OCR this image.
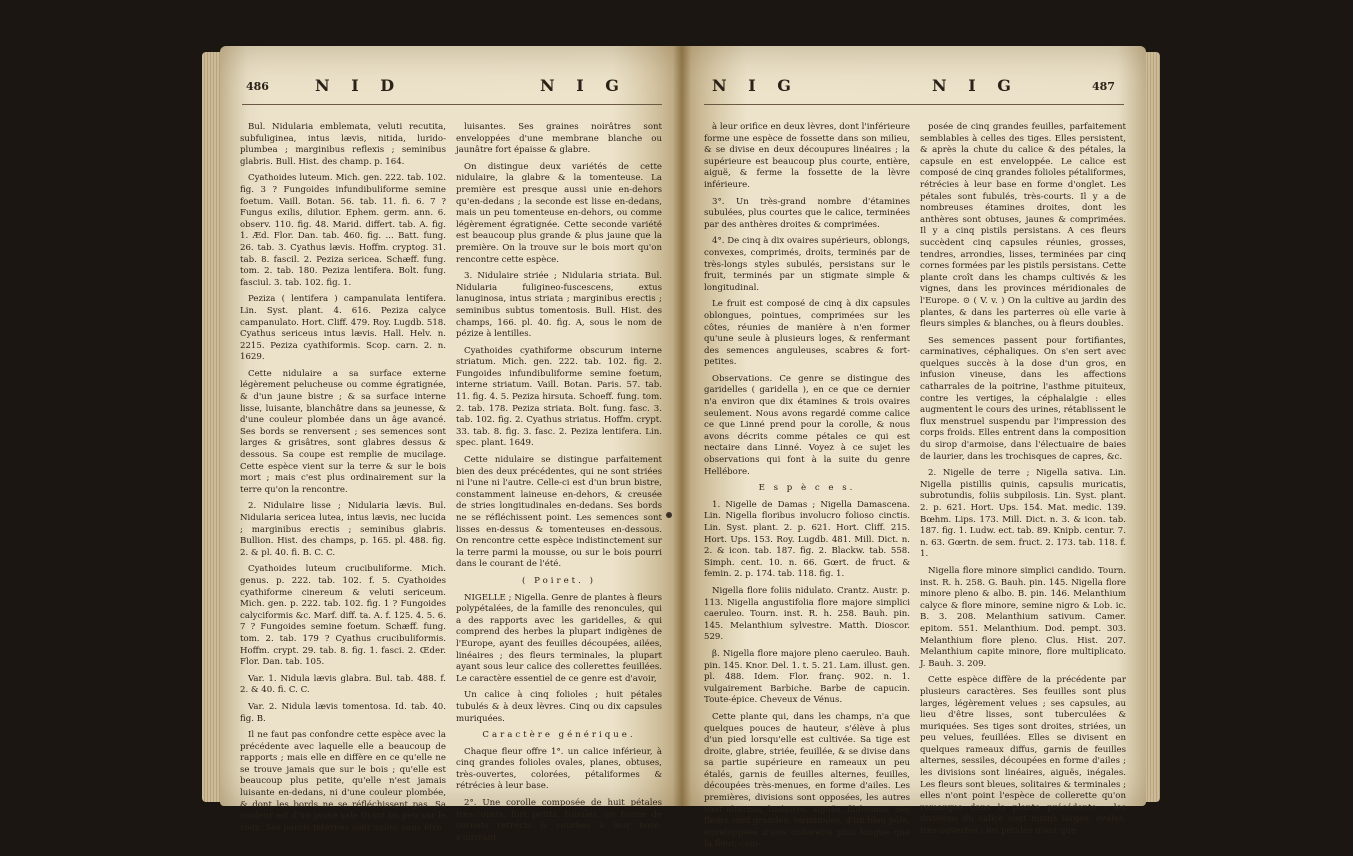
486	N I D	N I G

Bul. Nidularia emblemata, veluti recutita, subfuliginea, intus lævis, nitida, lurido-plumbea ; marginibus reflexis ; seminibus glabris. Bull. Hist. des champ. p. 164.

Cyathoides luteum. Mich. gen. 222. tab. 102. fig. 3 ? Fungoides infundibuliforme semine foetum. Vaill. Botan. 56. tab. 11. fi. 6. 7 ? Fungus exilis, dilutior. Ephem. germ. ann. 6. observ. 110. fig. 48. Marid. differt. tab. A. fig. 1. Æd. Flor. Dan. tab. 460. fig. ... Batt. fung. 26. tab. 3. Cyathus lævis. Hoffm. cryptog. 31. tab. 8. fascil. 2. Peziza sericea. Schæff. fung. tom. 2. tab. 180. Peziza lentifera. Bolt. fung. fasciul. 3. tab. 102. fig. 1.

Peziza ( lentifera ) campanulata lentifera. Lin. Syst. plant. 4. 616. Peziza calyce campanulato. Hort. Cliff. 479. Roy. Lugdb. 518. Cyathus sericeus intus lævis. Hall. Helv. n. 2215. Peziza cyathiformis. Scop. carn. 2. n. 1629.

Cette nidulaire a sa surface externe légèrement pelucheuse ou comme égratignée, & d'un jaune bistre ; & sa surface interne lisse, luisante, blanchâtre dans sa jeunesse, & d'une couleur plombée dans un âge avancé. Ses bords se renversent ; ses semences sont larges & grisâtres, sont glabres dessus & dessous. Sa coupe est remplie de mucilage. Cette espèce vient sur la terre & sur le bois mort ; mais c'est plus ordinairement sur la terre qu'on la rencontre.

2. Nidulaire lisse ; Nidularia lævis. Bul. Nidularia sericea lutea, intus lævis, nec lucida ; marginibus erectis ; seminibus glabris. Bullion. Hist. des champs, p. 165. pl. 488. fig. 2. & pl. 40. fi. B. C. C.

Cyathoides luteum crucibuliforme. Mich. genus. p. 222. tab. 102. f. 5. Cyathoides cyathiforme cinereum & veluti sericeum. Mich. gen. p. 222. tab. 102. fig. 1 ? Fungoides calyciformis &c. Marf. diff. ta. A. f. 125. 4. 5. 6. 7 ? Fungoides semine foetum. Schæff. fung. tom. 2. tab. 179 ? Cyathus crucibuliformis. Hoffm. crypt. 29. tab. 8. fig. 1. fasci. 2. Œder. Flor. Dan. tab. 105.

Var. 1. Nidula lævis glabra. Bul. tab. 488. f. 2. & 40. fi. C. C.

Var. 2. Nidula lævis tomentosa. Id. tab. 40. fig. B.

Il ne faut pas confondre cette espèce avec la précédente avec laquelle elle a beaucoup de rapports ; mais elle en diffère en ce qu'elle ne se trouve jamais que sur le bois ; qu'elle est beaucoup plus petite, qu'elle n'est jamais luisante en-dedans, ni d'une couleur plombée, & dont les bords ne se réfléchissent pas. Sa couleur est d'un jaune sale tirant un peu sur le roux. Ses parois internes sont unies, sans être

luisantes. Ses graines noirâtres sont enveloppées d'une membrane blanche ou jaunâtre fort épaisse & glabre.

On distingue deux variétés de cette nidulaire, la glabre & la tomenteuse. La première est presque aussi unie en-dehors qu'en-dedans ; la seconde est lisse en-dedans, mais un peu tomenteuse en-dehors, ou comme légèrement égratignée. Cette seconde variété est beaucoup plus grande & plus jaune que la première. On la trouve sur le bois mort qu'on rencontre cette espèce.

3. Nidulaire striée ; Nidularia striata. Bul. Nidularia fuligineo-fuscescens, extus lanuginosa, intus striata ; marginibus erectis ; seminibus subtus tomentosis. Bull. Hist. des champs, 166. pl. 40. fig. A, sous le nom de pézize à lentilles.

Cyathoides cyathiforme obscurum interne striatum. Mich. gen. 222. tab. 102. fig. 2. Fungoides infundibuliforme semine foetum, interne striatum. Vaill. Botan. Paris. 57. tab. 11. fig. 4. 5. Peziza hirsuta. Schoeff. fung. tom. 2. tab. 178. Peziza striata. Bolt. fung. fasc. 3. tab. 102. fig. 2. Cyathus striatus. Hoffm. crypt. 33. tab. 8. fig. 3. fasc. 2. Peziza lentifera. Lin. spec. plant. 1649.

Cette nidulaire se distingue parfaitement bien des deux précédentes, qui ne sont striées ni l'une ni l'autre. Celle-ci est d'un brun bistre, constamment laineuse en-dehors, & creusée de stries longitudinales en-dedans. Ses bords ne se réfléchissent point. Les semences sont lisses en-dessus & tomenteuses en-dessous. On rencontre cette espèce indistinctement sur la terre parmi la mousse, ou sur le bois pourri dans le courant de l'été.

( Poiret. )

NIGELLE ; Nigella. Genre de plantes à fleurs polypétalées, de la famille des renoncules, qui a des rapports avec les garidelles, & qui comprend des herbes la plupart indigènes de l'Europe, ayant des feuilles découpées, ailées, linéaires ; des fleurs terminales, la plupart ayant sous leur calice des collerettes feuillées. Le caractère essentiel de ce genre est d'avoir,

Un calice à cinq folioles ; huit pétales tubulés & à deux lèvres. Cinq ou dix capsules muriquées.

Caractère générique.

Chaque fleur offre 1°. un calice inférieur, à cinq grandes folioles ovales, planes, obtuses, très-ouvertes, colorées, pétaliformes & rétrécies à leur base.

2°. Une corolle composée de huit pétales très-courts, fort petits, tubulés, en forme de cornets retrécis & courbés à leur base, s'ouvrant

N I G	N I G	487

à leur orifice en deux lèvres, dont l'inférieure forme une espèce de fossette dans son milieu, & se divise en deux découpures linéaires ; la supérieure est beaucoup plus courte, entière, aiguë, & ferme la fossette de la lèvre inférieure.

3°. Un très-grand nombre d'étamines subulées, plus courtes que le calice, terminées par des anthères droites & comprimées.

4°. De cinq à dix ovaires supérieurs, oblongs, convexes, comprimés, droits, terminés par de très-longs styles subulés, persistans sur le fruit, terminés par un stigmate simple & longitudinal.

Le fruit est composé de cinq à dix capsules oblongues, pointues, comprimées sur les côtes, réunies de manière à n'en former qu'une seule à plusieurs loges, & renfermant des semences anguleuses, scabres & fort-petites.

Observations. Ce genre se distingue des garidelles ( garidella ), en ce que ce dernier n'a environ que dix étamines & trois ovaires seulement. Nous avons regardé comme calice ce que Linné prend pour la corolle, & nous avons décrits comme pétales ce qui est nectaire dans Linné. Voyez à ce sujet les observations qui font à la suite du genre Hellébore.

E s p è c e s.

1. Nigelle de Damas ; Nigella Damascena. Lin. Nigella floribus involucro folioso cinctis. Lin. Syst. plant. 2. p. 621. Hort. Cliff. 215. Hort. Ups. 153. Roy. Lugdb. 481. Mill. Dict. n. 2. & icon. tab. 187. fig. 2. Blackw. tab. 558. Simph. cent. 10. n. 66. Gœrt. de fruct. & femin. 2. p. 174. tab. 118. fig. 1.

Nigella flore foliis nidulato. Crantz. Austr. p. 113. Nigella angustifolia flore majore simplici caeruleo. Tourn. inst. R. h. 258. Bauh. pin. 145. Melanthium sylvestre. Matth. Dioscor. 529.

β. Nigella flore majore pleno caeruleo. Bauh. pin. 145. Knor. Del. 1. t. 5. 21. Lam. illust. gen. pl. 488. Idem. Flor. franç. 902. n. 1. vulgairement Barbiche. Barbe de capucin. Toute-épice. Cheveux de Vénus.

Cette plante qui, dans les champs, n'a que quelques pouces de hauteur, s'élève à plus d'un pied lorsqu'elle est cultivée. Sa tige est droite, glabre, striée, feuillée, & se divise dans sa partie supérieure en rameaux un peu étalés, garnis de feuilles alternes, feuilles, découpées très-menues, en forme d'ailes. Les premières, divisions sont opposées, les autres sont alternes, linéaires, aiguës, filiformes. Ses fleurs sont grandes, terminales, d'un bleu pâle, enveloppées d'une collerette plus longue que la fleur, com-

posée de cinq grandes feuilles, parfaitement semblables à celles des tiges. Elles persistent, & après la chute du calice & des pétales, la capsule en est enveloppée. Le calice est composé de cinq grandes folioles pétaliformes, rétrécies à leur base en forme d'onglet. Les pétales sont fubulés, très-courts. Il y a de nombreuses étamines droites, dont les anthères sont obtuses, jaunes & comprimées. Il y a cinq pistils persistans. A ces fleurs succèdent cinq capsules réunies, grosses, tendres, arrondies, lisses, terminées par cinq cornes formées par les pistils persistans. Cette plante croît dans les champs cultivés & les vignes, dans les provinces méridionales de l'Europe. ⊙ ( V. v. ) On la cultive au jardin des plantes, & dans les parterres où elle varie à fleurs simples & blanches, ou à fleurs doubles.

Ses semences passent pour fortifiantes, carminatives, céphaliques. On s'en sert avec quelques succès à la dose d'un gros, en infusion vineuse, dans les affections catharrales de la poitrine, l'asthme pituiteux, contre les vertiges, la céphalalgie : elles augmentent le cours des urines, rétablissent le flux menstruel suspendu par l'impression des corps froids. Elles entrent dans la composition du sirop d'armoise, dans l'électuaire de baies de laurier, dans les trochisques de capres, &c.

2. Nigelle de terre ; Nigella sativa. Lin. Nigella pistillis quinis, capsulis muricatis, subrotundis, foliis subpilosis. Lin. Syst. plant. 2. p. 621. Hort. Ups. 154. Mat. medic. 139. Bœhm. Lips. 173. Mill. Dict. n. 3. & icon. tab. 187. fig. 1. Ludw. ect. tab. 89. Knipb. centur. 7. n. 63. Gœrtn. de sem. fruct. 2. 173. tab. 118. f. 1.

Nigella flore minore simplici candido. Tourn. inst. R. h. 258. G. Bauh. pin. 145. Nigella flore minore pleno & albo. B. pin. 146. Melanthium calyce & flore minore, semine nigro & Lob. ic. B. 3. 208. Melanthium sativum. Camer. epitom. 551. Melanthium. Dod. pempt. 303. Melanthium flore pleno. Clus. Hist. 207. Melanthium capite minore, flore multiplicato. J. Bauh. 3. 209.

Cette espèce diffère de la précédente par plusieurs caractères. Ses feuilles sont plus larges, légèrement velues ; ses capsules, au lieu d'être lisses, sont tuberculées & muriquées. Ses tiges sont droites, striées, un peu velues, feuillées. Elles se divisent en quelques rameaux diffus, garnis de feuilles alternes, sessiles, découpées en forme d'ailes ; les divisions sont linéaires, aiguës, inégales. Les fleurs sont bleues, solitaires & terminales ; elles n'ont point l'espèce de collerette qu'on remarque dans la plante précédente : les divisions du calice sont moins larges, ovales, très-ouvertes : les pétales n'ont que
